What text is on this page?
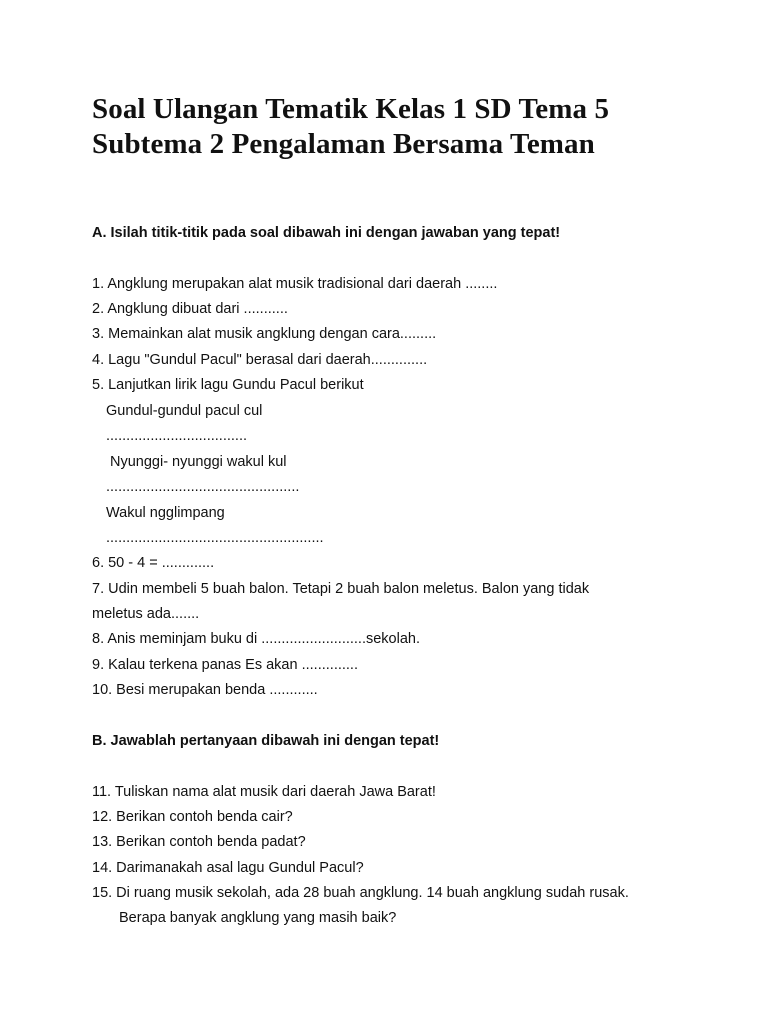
Soal Ulangan Tematik Kelas 1 SD Tema 5
Subtema 2 Pengalaman Bersama Teman
A. Isilah titik-titik pada soal dibawah ini dengan jawaban yang tepat!
1. Angklung merupakan alat musik tradisional dari daerah ........
2. Angklung dibuat dari ...........
3. Memainkan alat musik angklung dengan cara.........
4. Lagu "Gundul Pacul" berasal dari daerah..............
5. Lanjutkan lirik lagu Gundu Pacul berikut
Gundul-gundul pacul cul
...................................
Nyunggi- nyunggi wakul kul
................................................
Wakul ngglimpang
......................................................
6. 50 - 4 = .............
7. Udin membeli 5 buah balon. Tetapi 2 buah balon meletus. Balon yang tidak
meletus ada.......
8. Anis meminjam buku di ..........................sekolah.
9. Kalau terkena panas Es akan ..............
10. Besi merupakan benda ............
B. Jawablah pertanyaan dibawah ini dengan tepat!
11. Tuliskan nama alat musik dari daerah Jawa Barat!
12. Berikan contoh benda cair?
13. Berikan contoh benda padat?
14. Darimanakah asal lagu Gundul Pacul?
15. Di ruang musik sekolah, ada 28 buah angklung. 14 buah angklung sudah rusak.
Berapa banyak angklung yang masih baik?
